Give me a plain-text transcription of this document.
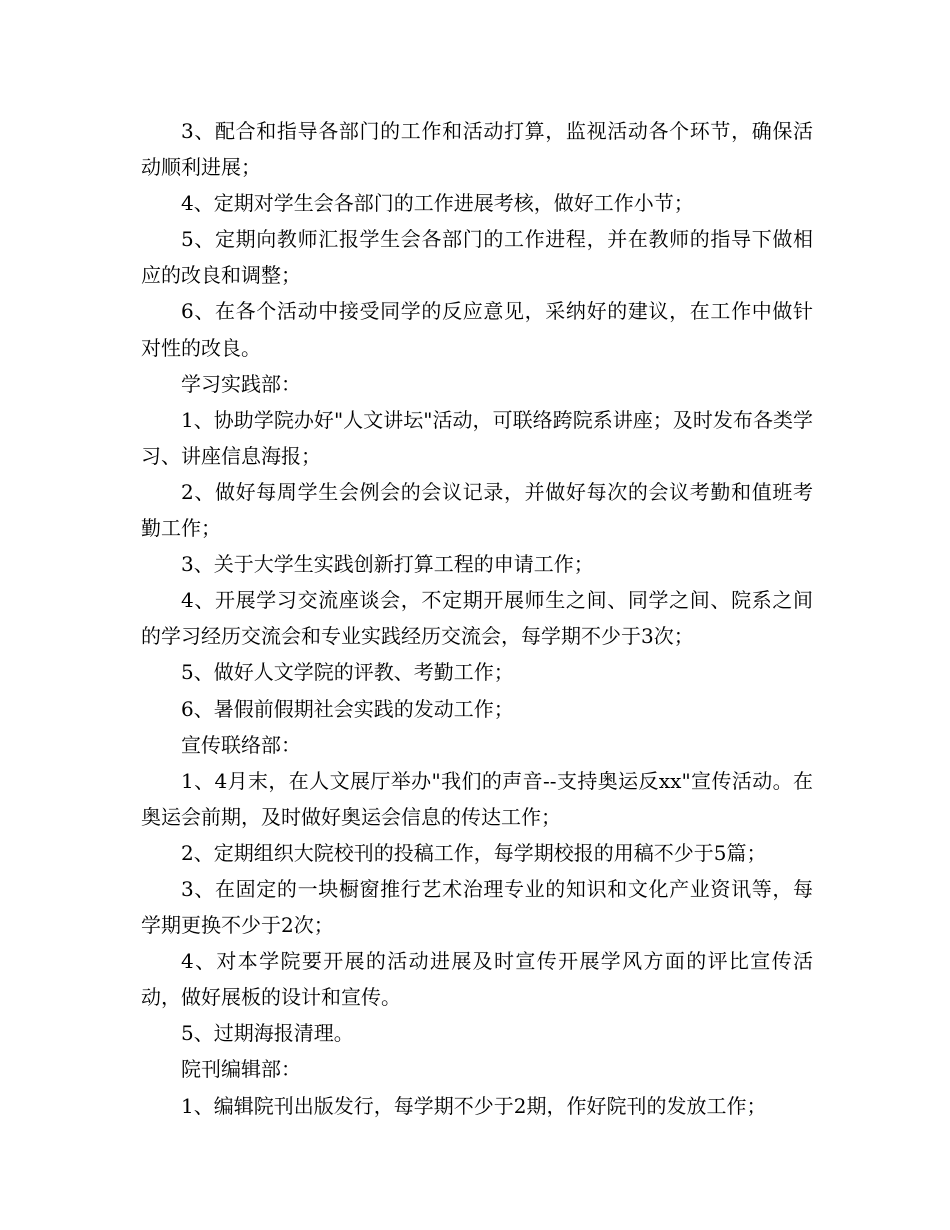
3、配合和指导各部门的工作和活动打算，监视活动各个环节，确保活动顺利进展；

4、定期对学生会各部门的工作进展考核，做好工作小节；

5、定期向教师汇报学生会各部门的工作进程，并在教师的指导下做相应的改良和调整；

6、在各个活动中接受同学的反应意见，采纳好的建议，在工作中做针对性的改良。

学习实践部：

1、协助学院办好"人文讲坛"活动，可联络跨院系讲座；及时发布各类学习、讲座信息海报；

2、做好每周学生会例会的会议记录，并做好每次的会议考勤和值班考勤工作；

3、关于大学生实践创新打算工程的申请工作；

4、开展学习交流座谈会，不定期开展师生之间、同学之间、院系之间的学习经历交流会和专业实践经历交流会，每学期不少于3次；

5、做好人文学院的评教、考勤工作；

6、暑假前假期社会实践的发动工作；

宣传联络部：

1、4月末，在人文展厅举办"我们的声音--支持奥运反xx"宣传活动。在奥运会前期，及时做好奥运会信息的传达工作；

2、定期组织大院校刊的投稿工作，每学期校报的用稿不少于5篇；

3、在固定的一块橱窗推行艺术治理专业的知识和文化产业资讯等，每学期更换不少于2次；

4、对本学院要开展的活动进展及时宣传开展学风方面的评比宣传活动，做好展板的设计和宣传。

5、过期海报清理。

院刊编辑部：

1、编辑院刊出版发行，每学期不少于2期，作好院刊的发放工作；
